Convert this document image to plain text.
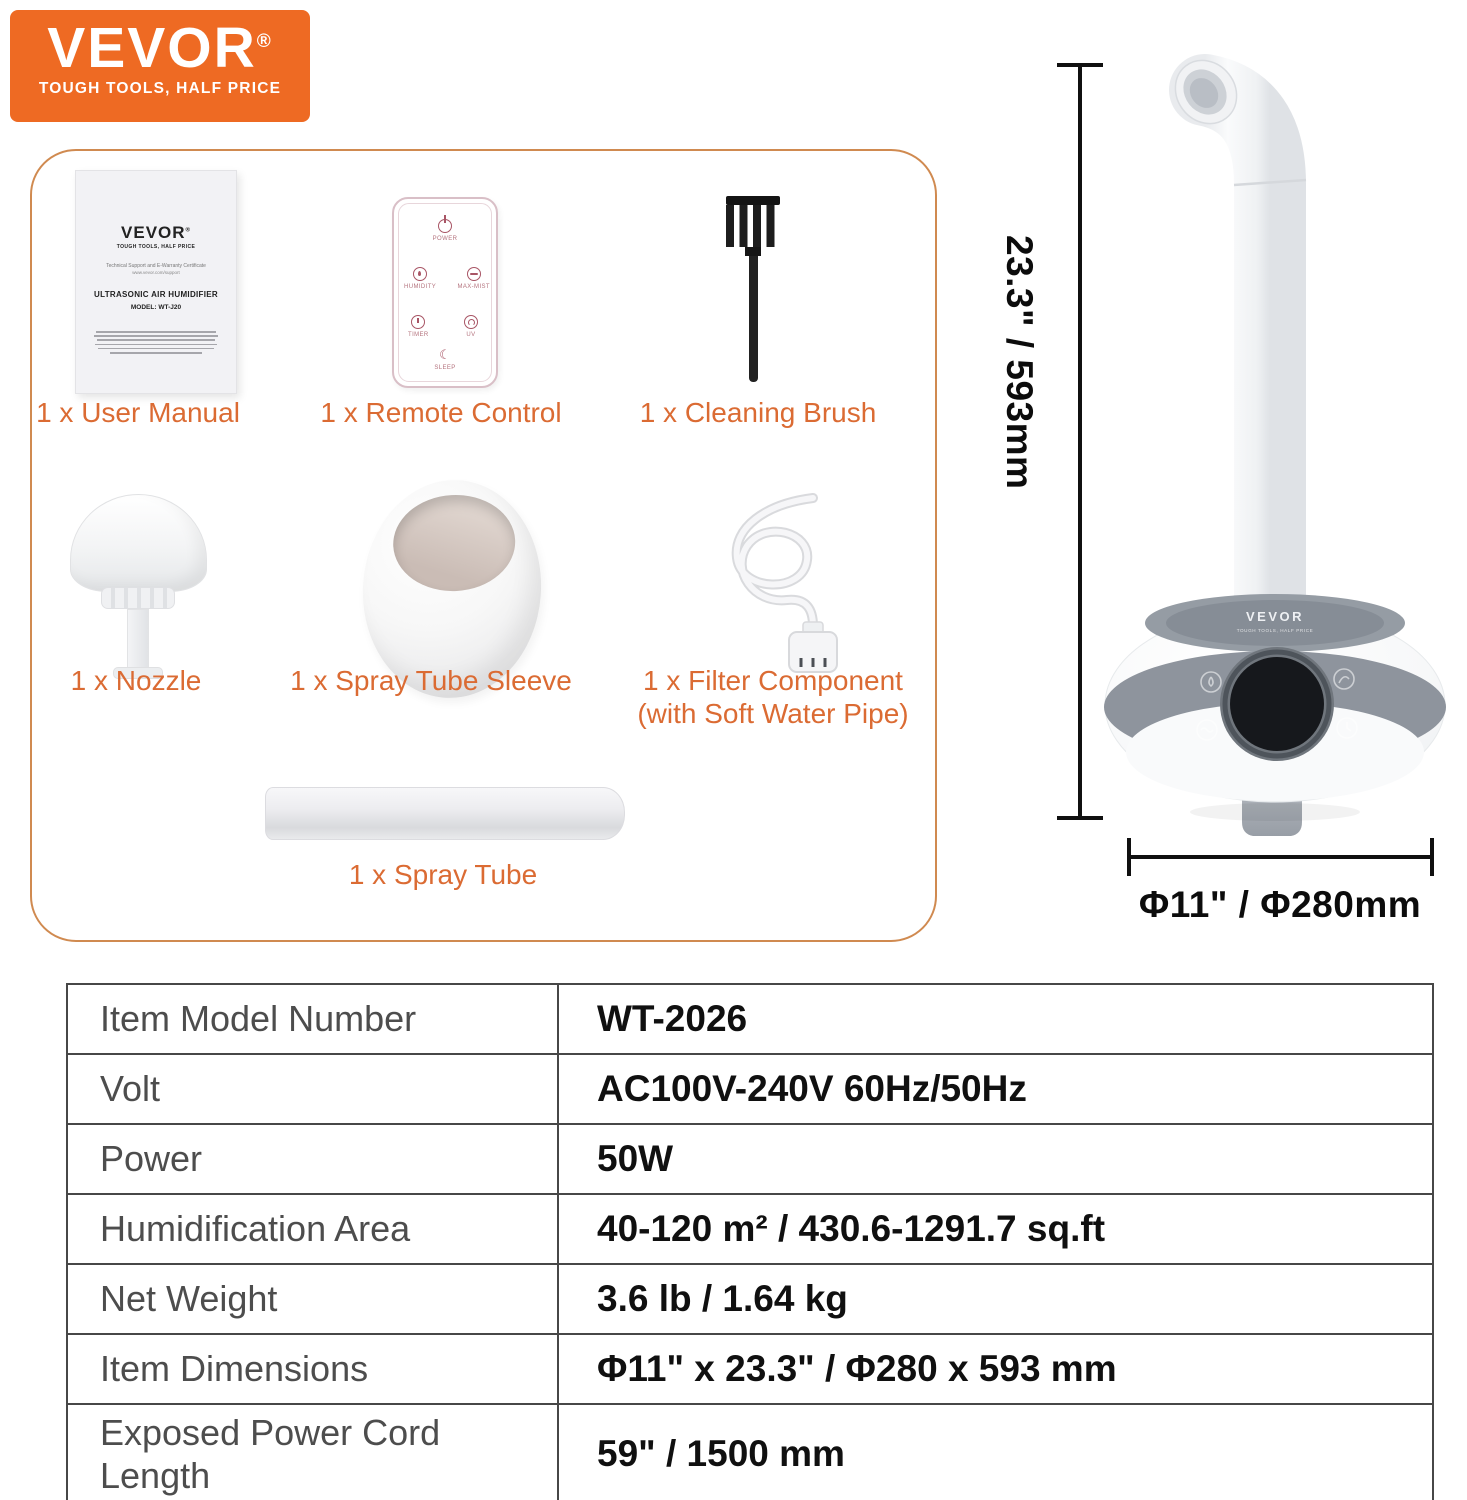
VEVOR®
TOUGH TOOLS, HALF PRICE
VEVOR®
TOUGH TOOLS, HALF PRICE
Technical Support and E-Warranty Certificate
www.vevor.com/support
ULTRASONIC AIR HUMIDIFIER
MODEL: WT-J20
POWER
HUMIDITY	MAX-MIST
TIMER	UV
☾
SLEEP
1 x User Manual	1 x Remote Control	1 x Cleaning Brush
1 x Nozzle	1 x Spray Tube Sleeve	1 x Filter Component
(with Soft Water Pipe)
1 x Spray Tube
23.3" / 593mm
VEVOR
TOUGH TOOLS, HALF PRICE
Φ11" / Φ280mm
Item Model Number	WT-2026
Volt	AC100V-240V 60Hz/50Hz
Power	50W
Humidification Area	40-120 m² / 430.6-1291.7 sq.ft
Net Weight	3.6 lb / 1.64 kg
Item Dimensions	Φ11" x 23.3" / Φ280 x 593 mm
Exposed Power Cord Length	59" / 1500 mm
